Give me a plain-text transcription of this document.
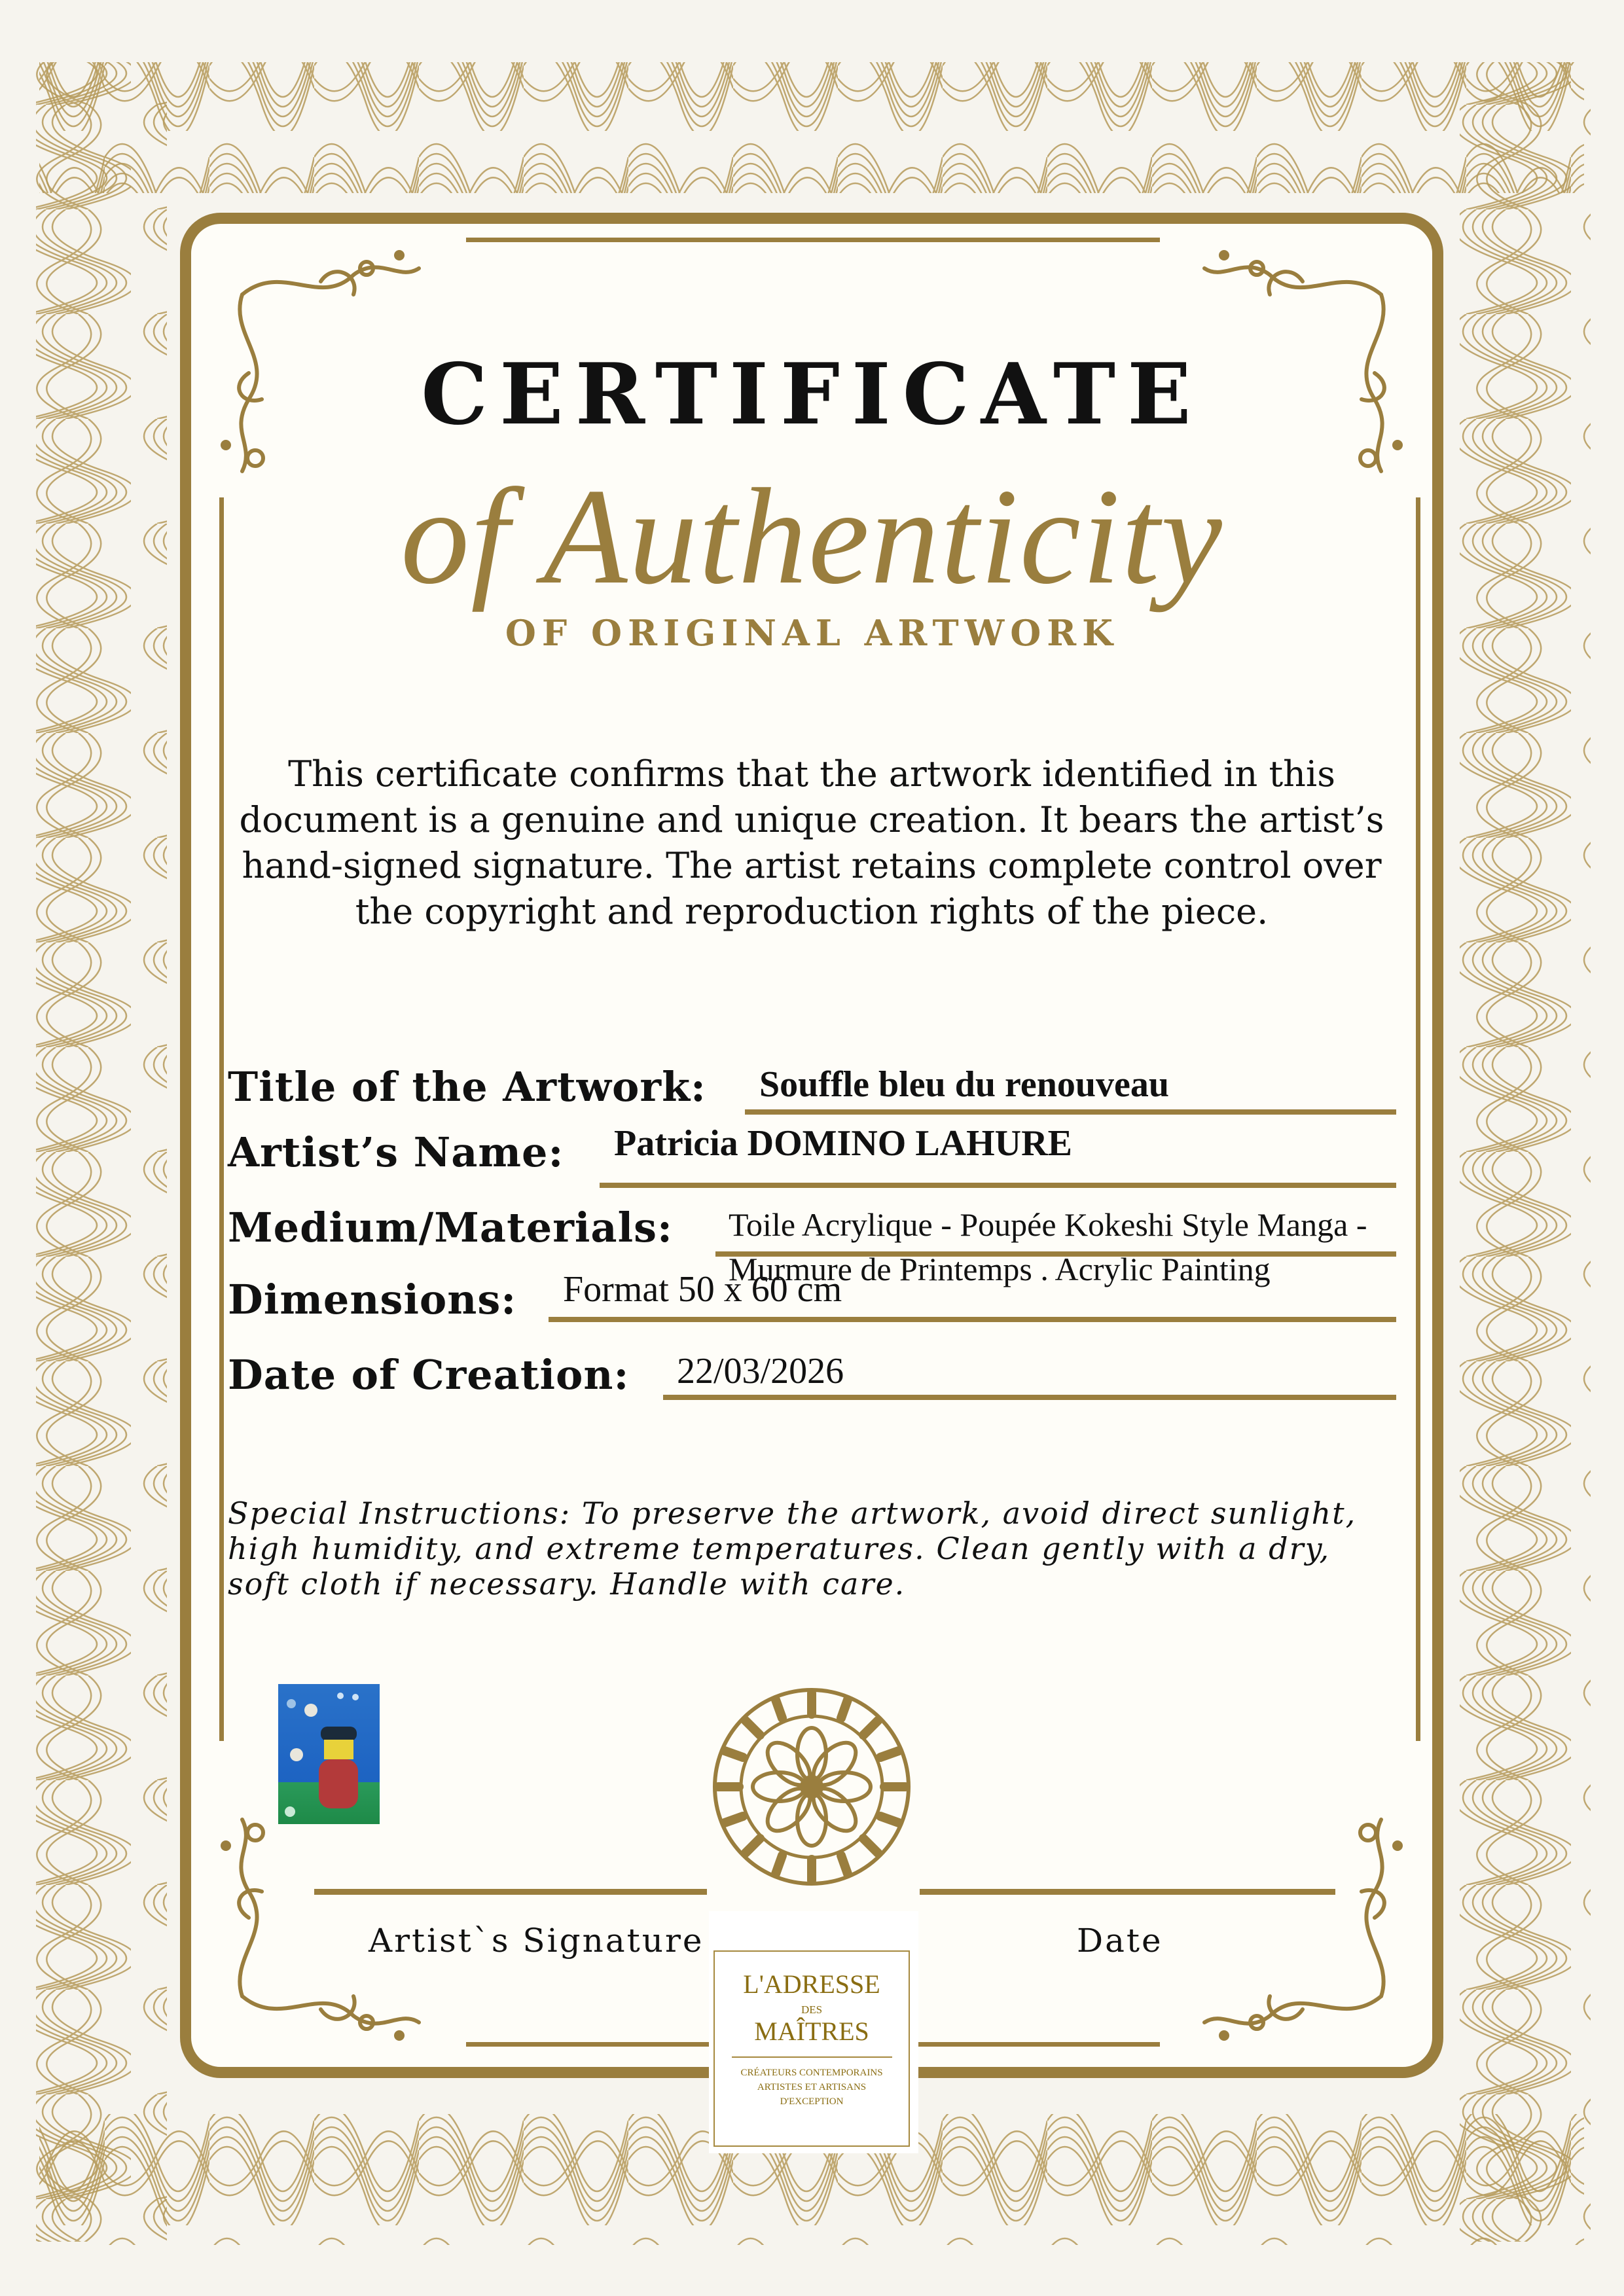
CERTIFICATE
of Authenticity
OF ORIGINAL ARTWORK
This certificate confirms that the artwork identified in this document is a genuine and unique creation. It bears the artist’s hand-signed signature. The artist retains complete control over the copyright and reproduction rights of the piece.
Title of the Artwork: Souffle bleu du renouveau
Artist’s Name: Patricia DOMINO LAHURE
Medium/Materials: Toile Acrylique - Poupée Kokeshi Style Manga -
Murmure de Printemps . Acrylic Painting
Dimensions: Format 50 x 60 cm
Date of Creation: 22/03/2026
Special Instructions: To preserve the artwork, avoid direct sunlight, high humidity, and extreme temperatures. Clean gently with a dry, soft cloth if necessary. Handle with care.
Artist`s Signature	Date
L'ADRESSE
DES
MAÎTRES
CRÉATEURS CONTEMPORAINS
ARTISTES ET ARTISANS
D'EXCEPTION
